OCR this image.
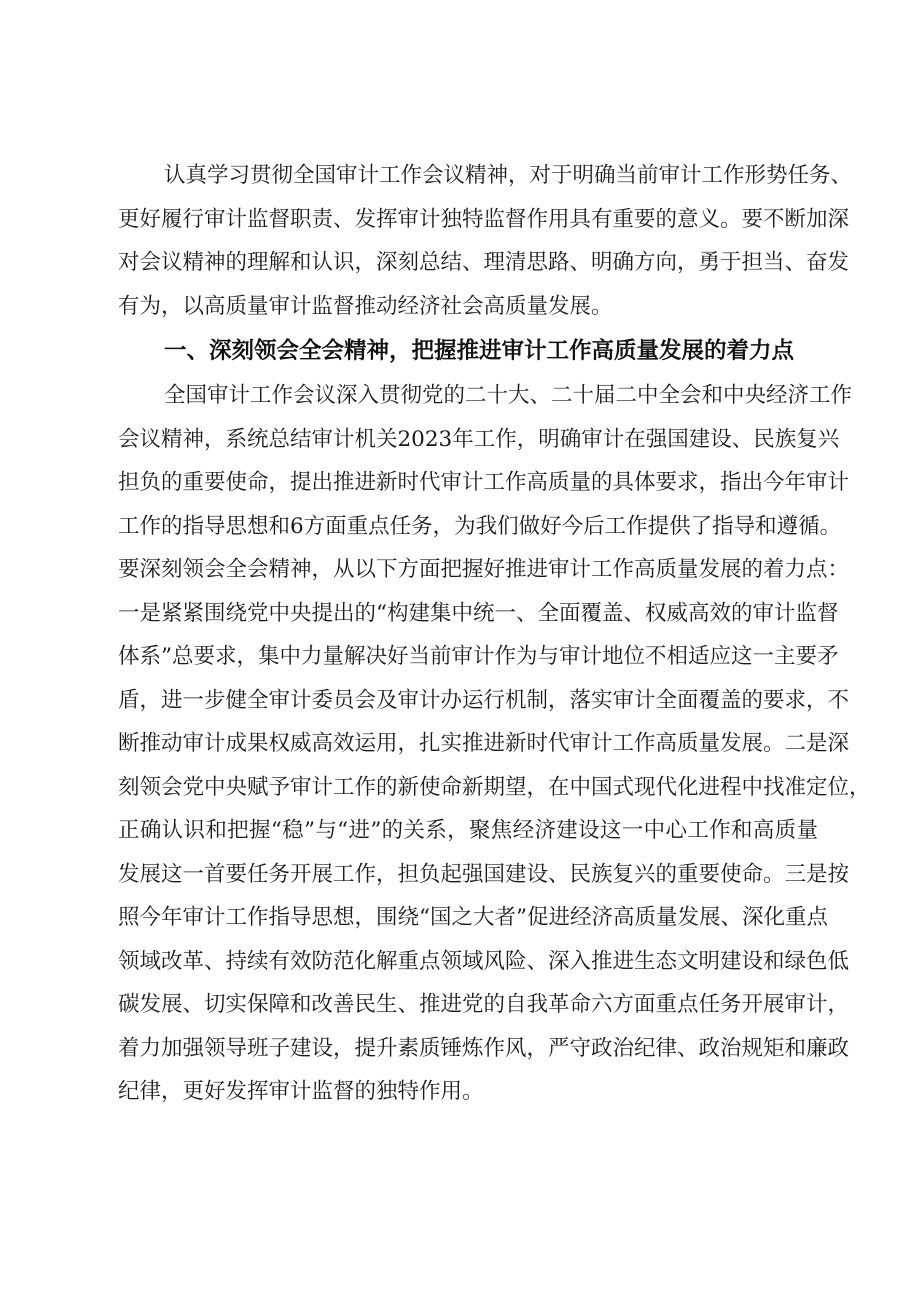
认真学习贯彻全国审计工作会议精神，对于明确当前审计工作形势任务、
更好履行审计监督职责、发挥审计独特监督作用具有重要的意义。要不断加深
对会议精神的理解和认识，深刻总结、理清思路、明确方向，勇于担当、奋发
有为，以高质量审计监督推动经济社会高质量发展。
一、深刻领会全会精神，把握推进审计工作高质量发展的着力点
全国审计工作会议深入贯彻党的二十大、二十届二中全会和中央经济工作
会议精神，系统总结审计机关2023年工作，明确审计在强国建设、民族复兴
担负的重要使命，提出推进新时代审计工作高质量的具体要求，指出今年审计
工作的指导思想和6方面重点任务，为我们做好今后工作提供了指导和遵循。
要深刻领会全会精神，从以下方面把握好推进审计工作高质量发展的着力点：
一是紧紧围绕党中央提出的“构建集中统一、全面覆盖、权威高效的审计监督
体系”总要求，集中力量解决好当前审计作为与审计地位不相适应这一主要矛
盾，进一步健全审计委员会及审计办运行机制，落实审计全面覆盖的要求，不
断推动审计成果权威高效运用，扎实推进新时代审计工作高质量发展。二是深
刻领会党中央赋予审计工作的新使命新期望，在中国式现代化进程中找准定位，
正确认识和把握“稳”与“进”的关系，聚焦经济建设这一中心工作和高质量
发展这一首要任务开展工作，担负起强国建设、民族复兴的重要使命。三是按
照今年审计工作指导思想，围绕“国之大者”促进经济高质量发展、深化重点
领域改革、持续有效防范化解重点领域风险、深入推进生态文明建设和绿色低
碳发展、切实保障和改善民生、推进党的自我革命六方面重点任务开展审计，
着力加强领导班子建设，提升素质锤炼作风，严守政治纪律、政治规矩和廉政
纪律，更好发挥审计监督的独特作用。
